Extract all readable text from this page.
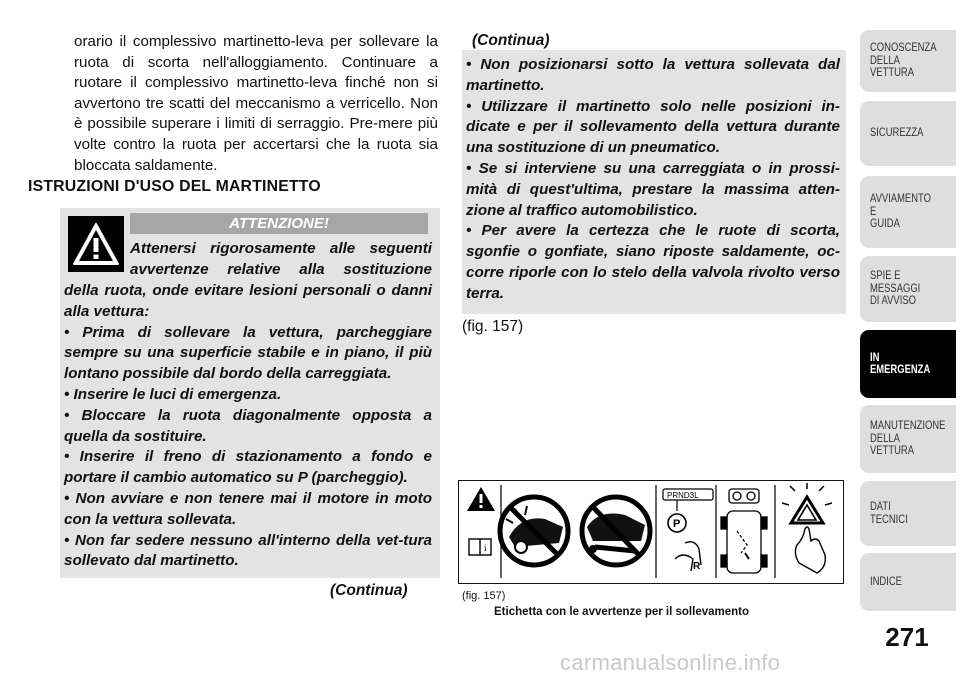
orario il complessivo martinetto-leva per sollevare la ruota di scorta nell'alloggiamento. Continuare a ruotare il complessivo martinetto-leva finché non si avvertono tre scatti del meccanismo a verricello. Non è possibile superare i limiti di serraggio. Pre-mere più volte contro la ruota per accertarsi che la ruota sia bloccata saldamente.
ISTRUZIONI D'USO DEL MARTINETTO
ATTENZIONE!
Attenersi rigorosamente alle seguenti
avvertenze relative alla sostituzione

della ruota, onde evitare lesioni personali o danni alla vettura:

• Prima di sollevare la vettura, parcheggiare sempre su una superficie stabile e in piano, il più lontano possibile dal bordo della carreggiata.

• Inserire le luci di emergenza.

• Bloccare la ruota diagonalmente opposta a quella da sostituire.

• Inserire il freno di stazionamento a fondo e portare il cambio automatico su P (parcheggio).

• Non avviare e non tenere mai il motore in moto con la vettura sollevata.

• Non far sedere nessuno all'interno della vet-tura sollevato dal martinetto.

(Continua)
(Continua)

• Non posizionarsi sotto la vettura sollevata dal martinetto.

• Utilizzare il martinetto solo nelle posizioni in-dicate e per il sollevamento della vettura durante una sostituzione di un pneumatico.

• Se si interviene su una carreggiata o in prossi-mità di quest'ultima, prestare la massima atten-zione al traffico automobilistico.

• Per avere la certezza che le ruote di scorta, sgonfie o gonfiate, siano riposte saldamente, oc-corre riporle con lo stelo della valvola rivolto verso terra.

(fig. 157)
i
PRND3L
P
R
(fig. 157)
Etichetta con le avvertenze per il sollevamento
CONOSCENZA
DELLA
VETTURA
SICUREZZA
AVVIAMENTO
E
GUIDA
SPIE E
MESSAGGI
DI AVVISO
IN
EMERGENZA
MANUTENZIONE
DELLA
VETTURA
DATI
TECNICI
INDICE
271
carmanualsonline.info
